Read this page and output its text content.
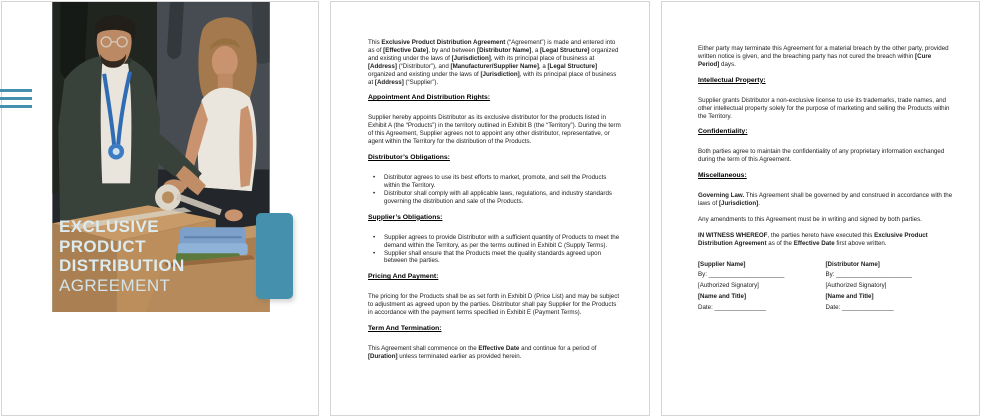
EXCLUSIVE
PRODUCT
DISTRIBUTION
AGREEMENT

This Exclusive Product Distribution Agreement (“Agreement”) is made and entered into as of [Effective Date], by and between [Distributor Name], a [Legal Structure] organized and existing under the laws of [Jurisdiction], with its principal place of business at [Address] (“Distributor”), and [Manufacturer/Supplier Name], a [Legal Structure] organized and existing under the laws of [Jurisdiction], with its principal place of business at [Address] (“Supplier”).

Appointment And Distribution Rights:

Supplier hereby appoints Distributor as its exclusive distributor for the products listed in Exhibit A (the “Products”) in the territory outlined in Exhibit B (the “Territory”). During the term of this Agreement, Supplier agrees not to appoint any other distributor, representative, or agent within the Territory for the distribution of the Products.

Distributor’s Obligations:
• Distributor agrees to use its best efforts to market, promote, and sell the Products within the Territory.
• Distributor shall comply with all applicable laws, regulations, and industry standards governing the distribution and sale of the Products.
Supplier’s Obligations:
• Supplier agrees to provide Distributor with a sufficient quantity of Products to meet the demand within the Territory, as per the terms outlined in Exhibit C (Supply Terms).
• Supplier shall ensure that the Products meet the quality standards agreed upon between the parties.
Pricing And Payment:

The pricing for the Products shall be as set forth in Exhibit D (Price List) and may be subject to adjustment as agreed upon by the parties. Distributor shall pay Supplier for the Products in accordance with the payment terms specified in Exhibit E (Payment Terms).

Term And Termination:

This Agreement shall commence on the Effective Date and continue for a period of [Duration] unless terminated earlier as provided herein.

Either party may terminate this Agreement for a material breach by the other party, provided written notice is given, and the breaching party has not cured the breach within [Cure Period] days.

Intellectual Property:

Supplier grants Distributor a non-exclusive license to use its trademarks, trade names, and other intellectual property solely for the purpose of marketing and selling the Products within the Territory.

Confidentiality:

Both parties agree to maintain the confidentiality of any proprietary information exchanged during the term of this Agreement.

Miscellaneous:

Governing Law. This Agreement shall be governed by and construed in accordance with the laws of [Jurisdiction].

Any amendments to this Agreement must be in writing and signed by both parties.

IN WITNESS WHEREOF, the parties hereto have executed this Exclusive Product Distribution Agreement as of the Effective Date first above written.

[Supplier Name]
By: ______________________
[Authorized Signatory]
[Name and Title]
Date: _______________
[Distributor Name]
By: ______________________
[Authorized Signatory]
[Name and Title]
Date: _______________
